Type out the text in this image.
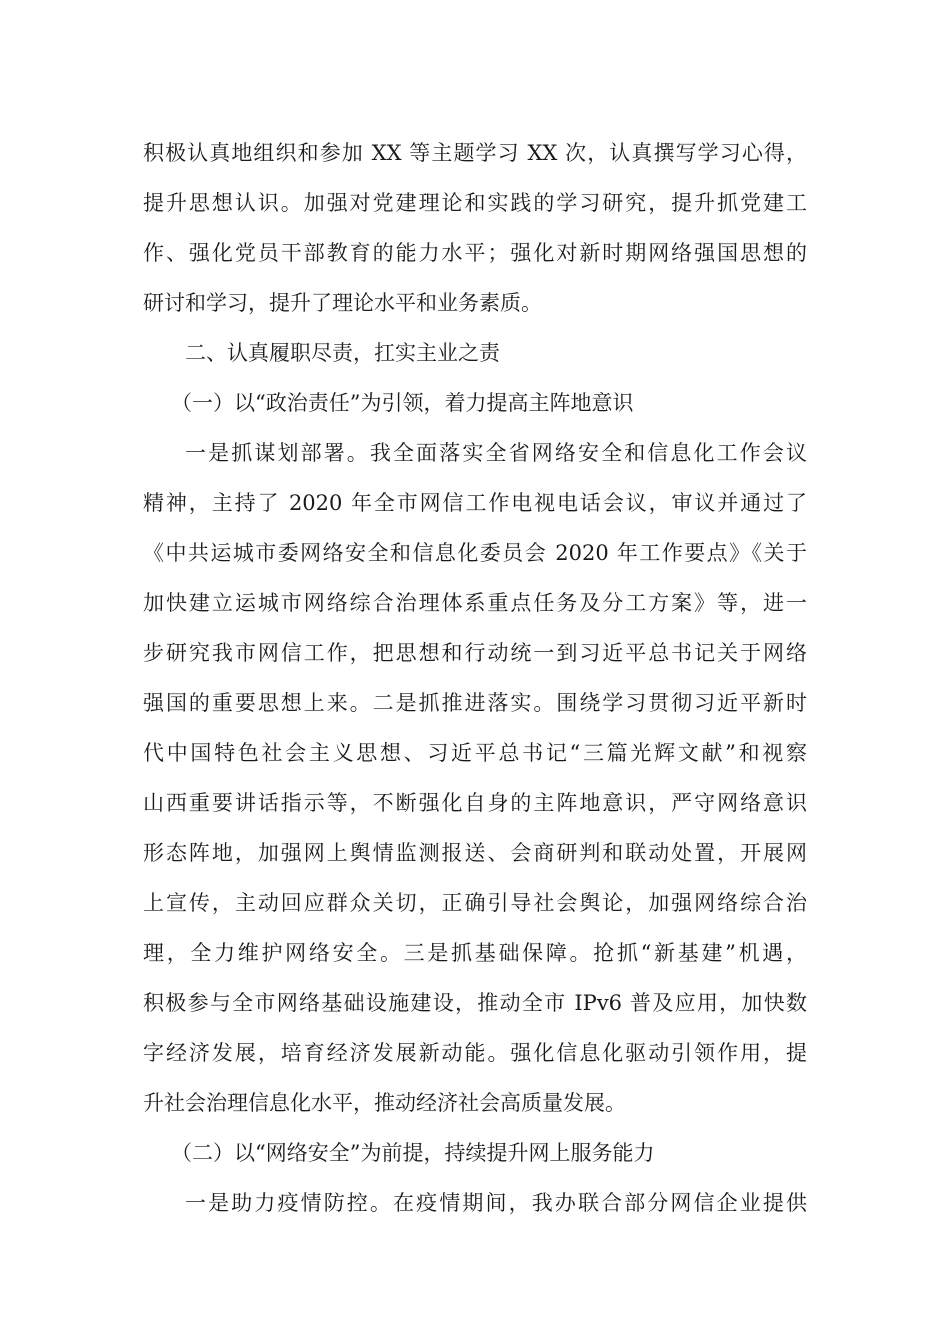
积极认真地组织和参加 XX 等主题学习 XX 次，认真撰写学习心得，
提升思想认识。加强对党建理论和实践的学习研究，提升抓党建工
作、强化党员干部教育的能力水平；强化对新时期网络强国思想的
研讨和学习，提升了理论水平和业务素质。
二、认真履职尽责，扛实主业之责
（一）以“政治责任”为引领，着力提高主阵地意识
一是抓谋划部署。我全面落实全省网络安全和信息化工作会议
精神，主持了 2020 年全市网信工作电视电话会议，审议并通过了
《中共运城市委网络安全和信息化委员会 2020 年工作要点》《关于
加快建立运城市网络综合治理体系重点任务及分工方案》等，进一
步研究我市网信工作，把思想和行动统一到习近平总书记关于网络
强国的重要思想上来。二是抓推进落实。围绕学习贯彻习近平新时
代中国特色社会主义思想、习近平总书记“三篇光辉文献”和视察
山西重要讲话指示等，不断强化自身的主阵地意识，严守网络意识
形态阵地，加强网上舆情监测报送、会商研判和联动处置，开展网
上宣传，主动回应群众关切，正确引导社会舆论，加强网络综合治
理，全力维护网络安全。三是抓基础保障。抢抓“新基建”机遇，
积极参与全市网络基础设施建设，推动全市 IPv6 普及应用，加快数
字经济发展，培育经济发展新动能。强化信息化驱动引领作用，提
升社会治理信息化水平，推动经济社会高质量发展。
（二）以“网络安全”为前提，持续提升网上服务能力
一是助力疫情防控。在疫情期间，我办联合部分网信企业提供
